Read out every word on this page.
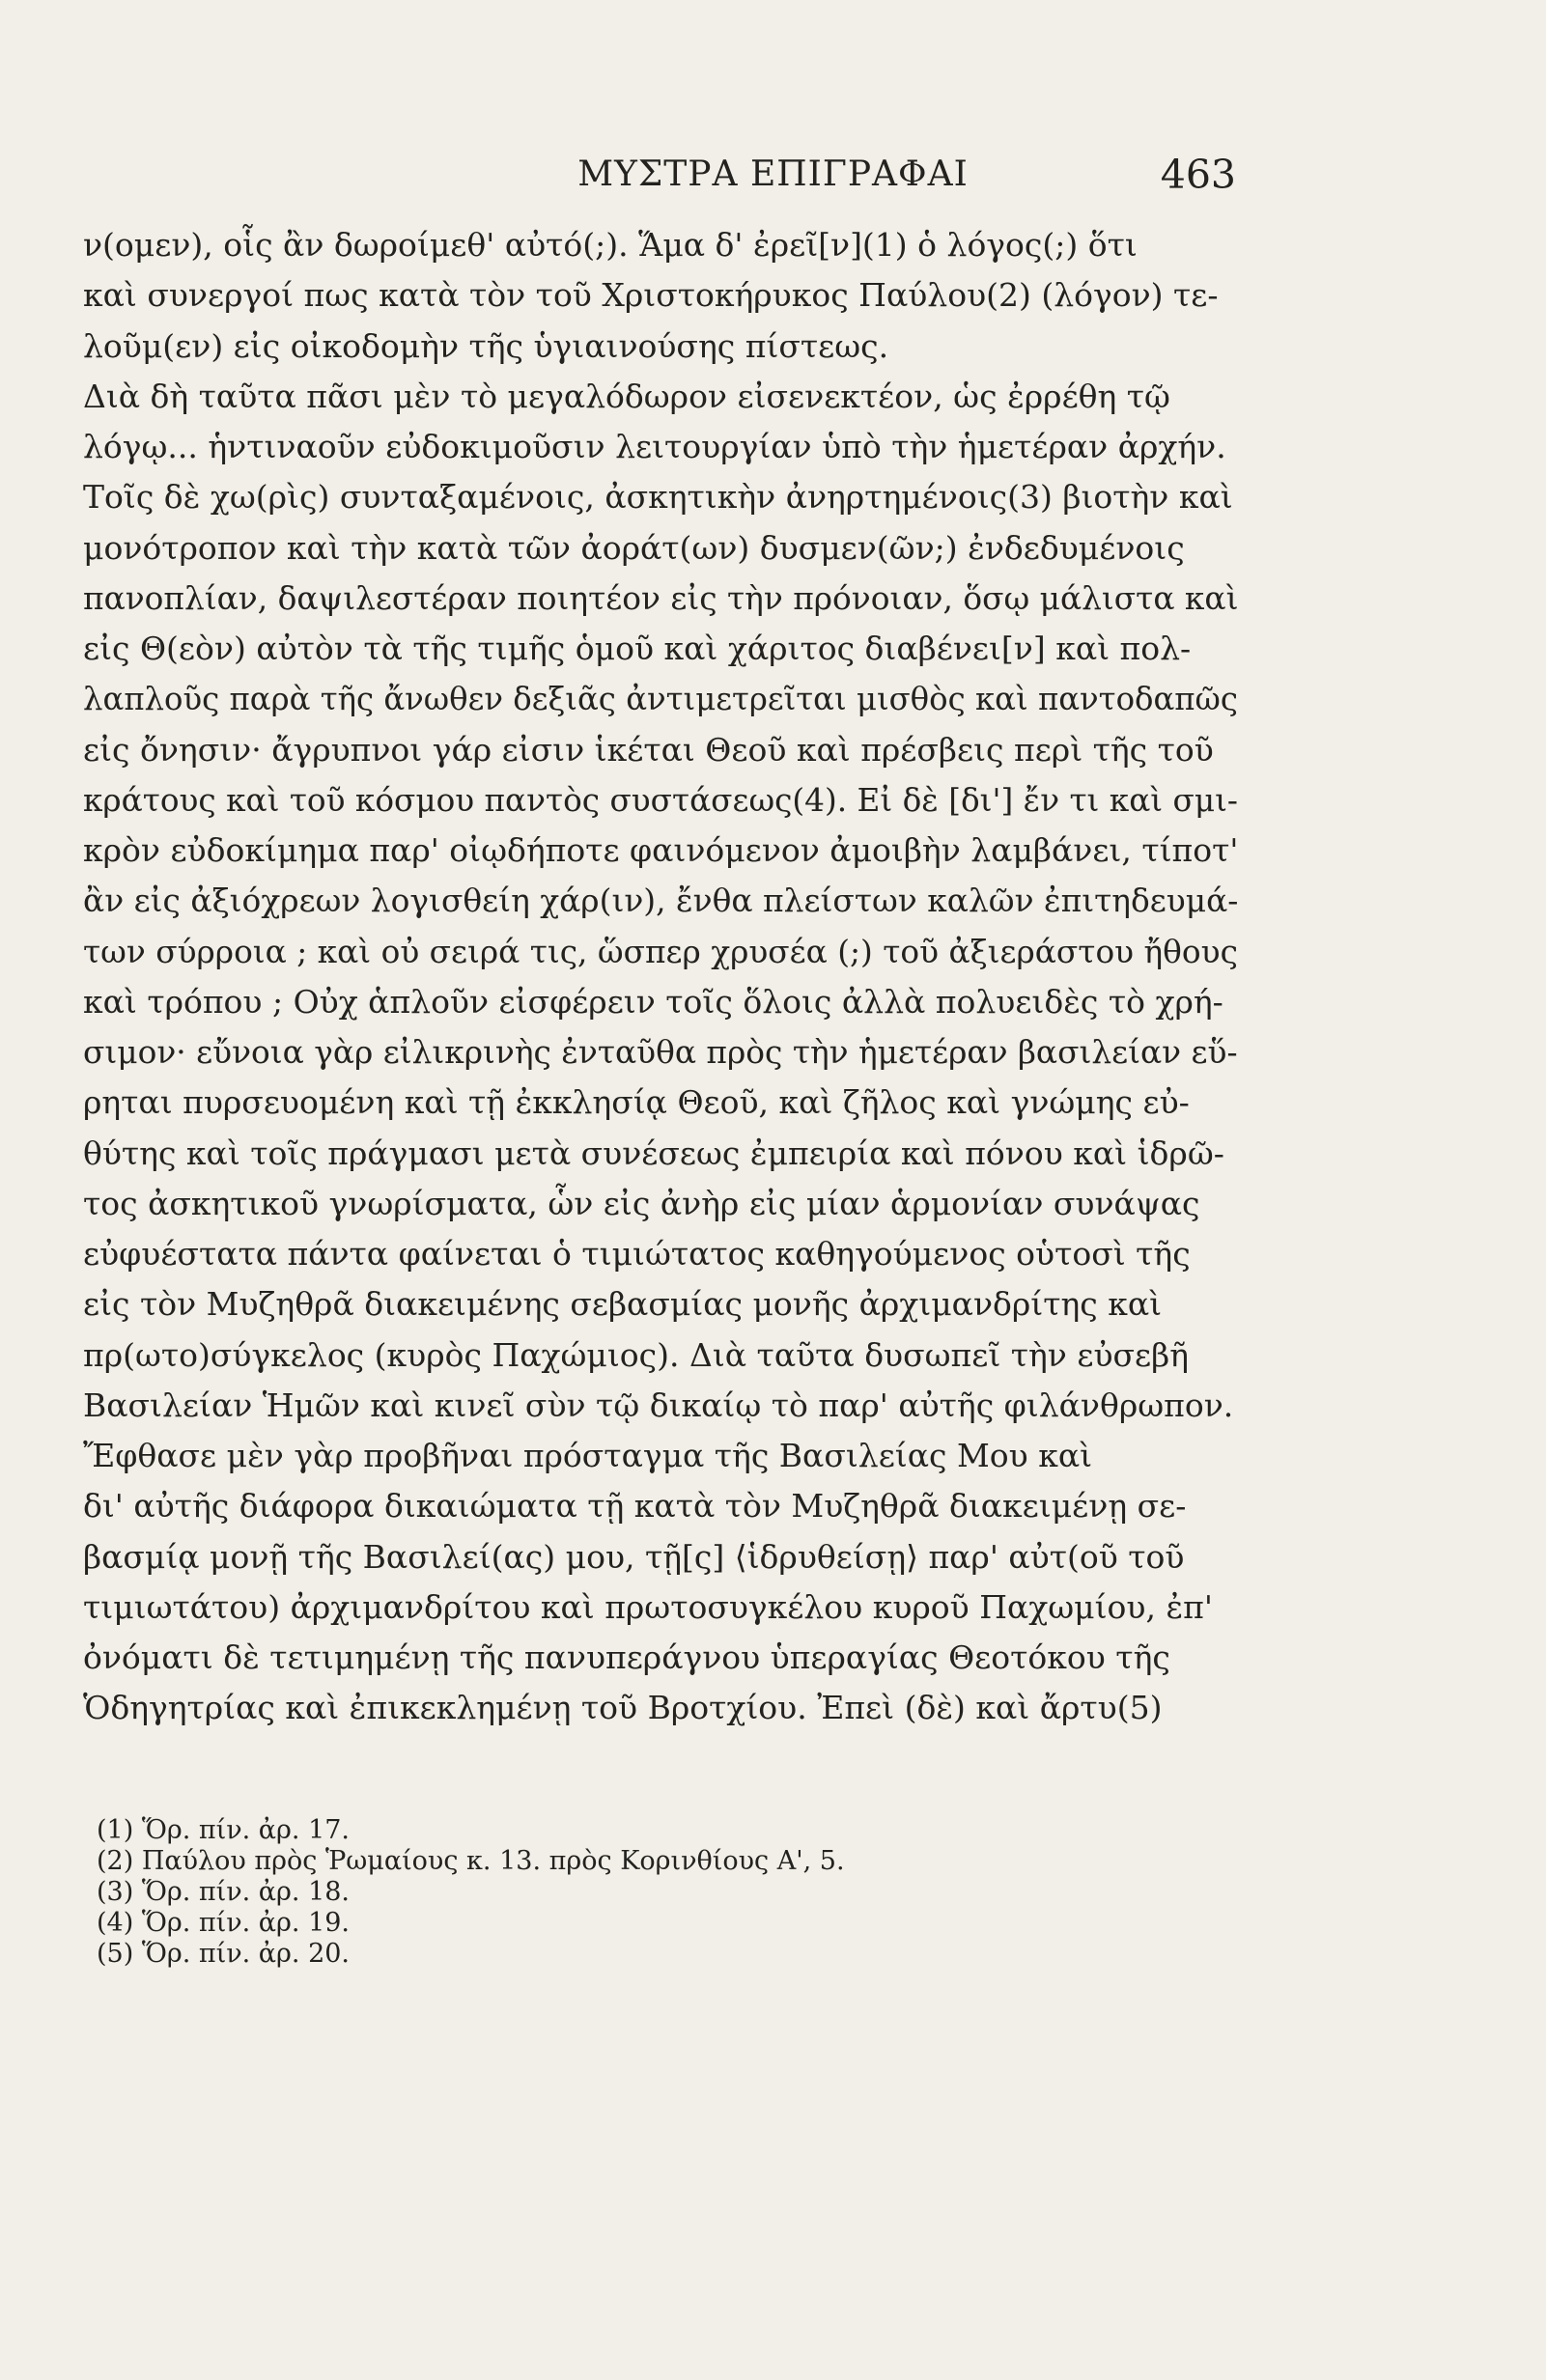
ΜΥΣΤΡΑ ΕΠΙΓΡΑΦΑΙ	463
ν(ομεν), οἷς ἂν δωροίμεθ' αὐτό(;). Ἅμα δ' ἐρεῖ[ν](1) ὁ λόγος(;) ὅτι
καὶ συνεργοί πως κατὰ τὸν τοῦ Χριστοκήρυκος Παύλου(2) (λόγον) τε-
λοῦμ(εν) εἰς οἰκοδομὴν τῆς ὑγιαινούσης πίστεως.
Διὰ δὴ ταῦτα πᾶσι μὲν τὸ μεγαλόδωρον εἰσενεκτέον, ὡς ἐρρέθη τῷ
λόγῳ... ἡντιναοῦν εὐδοκιμοῦσιν λειτουργίαν ὑπὸ τὴν ἡμετέραν ἀρχήν.
Τοῖς δὲ χω(ρὶς) συνταξαμένοις, ἀσκητικὴν ἀνηρτημένοις(3) βιοτὴν καὶ
μονότροπον καὶ τὴν κατὰ τῶν ἀοράτ(ων) δυσμεν(ῶν;) ἐνδεδυμένοις
πανοπλίαν, δαψιλεστέραν ποιητέον εἰς τὴν πρόνοιαν, ὅσῳ μάλιστα καὶ
εἰς Θ(εὸν) αὐτὸν τὰ τῆς τιμῆς ὁμοῦ καὶ χάριτος διαβένει[ν] καὶ πολ-
λαπλοῦς παρὰ τῆς ἄνωθεν δεξιᾶς ἀντιμετρεῖται μισθὸς καὶ παντοδαπῶς
εἰς ὄνησιν· ἄγρυπνοι γάρ εἰσιν ἱκέται Θεοῦ καὶ πρέσβεις περὶ τῆς τοῦ
κράτους καὶ τοῦ κόσμου παντὸς συστάσεως(4). Εἰ δὲ [δι'] ἔν τι καὶ σμι-
κρὸν εὐδοκίμημα παρ' οἰῳδήποτε φαινόμενον ἀμοιβὴν λαμβάνει, τίποτ'
ἂν εἰς ἀξιόχρεων λογισθείη χάρ(ιν), ἔνθα πλείστων καλῶν ἐπιτηδευμά-
των σύρροια ; καὶ οὐ σειρά τις, ὥσπερ χρυσέα (;) τοῦ ἀξιεράστου ἤθους
καὶ τρόπου ; Οὐχ ἁπλοῦν εἰσφέρειν τοῖς ὅλοις ἀλλὰ πολυειδὲς τὸ χρή-
σιμον· εὔνοια γὰρ εἰλικρινὴς ἐνταῦθα πρὸς τὴν ἡμετέραν βασιλείαν εὕ-
ρηται πυρσευομένη καὶ τῇ ἐκκλησίᾳ Θεοῦ, καὶ ζῆλος καὶ γνώμης εὐ-
θύτης καὶ τοῖς πράγμασι μετὰ συνέσεως ἐμπειρία καὶ πόνου καὶ ἱδρῶ-
τος ἀσκητικοῦ γνωρίσματα, ὧν εἰς ἀνὴρ εἰς μίαν ἁρμονίαν συνάψας
εὐφυέστατα πάντα φαίνεται ὁ τιμιώτατος καθηγούμενος οὑτοσὶ τῆς
εἰς τὸν Μυζηθρᾶ διακειμένης σεβασμίας μονῆς ἀρχιμανδρίτης καὶ
πρ(ωτο)σύγκελος (κυρὸς Παχώμιος). Διὰ ταῦτα δυσωπεῖ τὴν εὐσεβῆ
Βασιλείαν Ἡμῶν καὶ κινεῖ σὺν τῷ δικαίῳ τὸ παρ' αὐτῆς φιλάνθρωπον.
Ἔφθασε μὲν γὰρ προβῆναι πρόσταγμα τῆς Βασιλείας Μου καὶ
δι' αὐτῆς διάφορα δικαιώματα τῇ κατὰ τὸν Μυζηθρᾶ διακειμένῃ σε-
βασμίᾳ μονῇ τῆς Βασιλεί(ας) μου, τῇ[ς] ⟨ἱδρυθείσῃ⟩ παρ' αὐτ(οῦ τοῦ
τιμιωτάτου) ἀρχιμανδρίτου καὶ πρωτοσυγκέλου κυροῦ Παχωμίου, ἐπ'
ὀνόματι δὲ τετιμημένῃ τῆς πανυπεράγνου ὑπεραγίας Θεοτόκου τῆς
Ὁδηγητρίας καὶ ἐπικεκλημένῃ τοῦ Βροτχίου. Ἐπεὶ (δὲ) καὶ ἄρτυ(5)
(1) Ὅρ. πίν. ἀρ. 17.
(2) Παύλου πρὸς Ῥωμαίους κ. 13. πρὸς Κορινθίους Α', 5.
(3) Ὅρ. πίν. ἀρ. 18.
(4) Ὅρ. πίν. ἀρ. 19.
(5) Ὅρ. πίν. ἀρ. 20.
